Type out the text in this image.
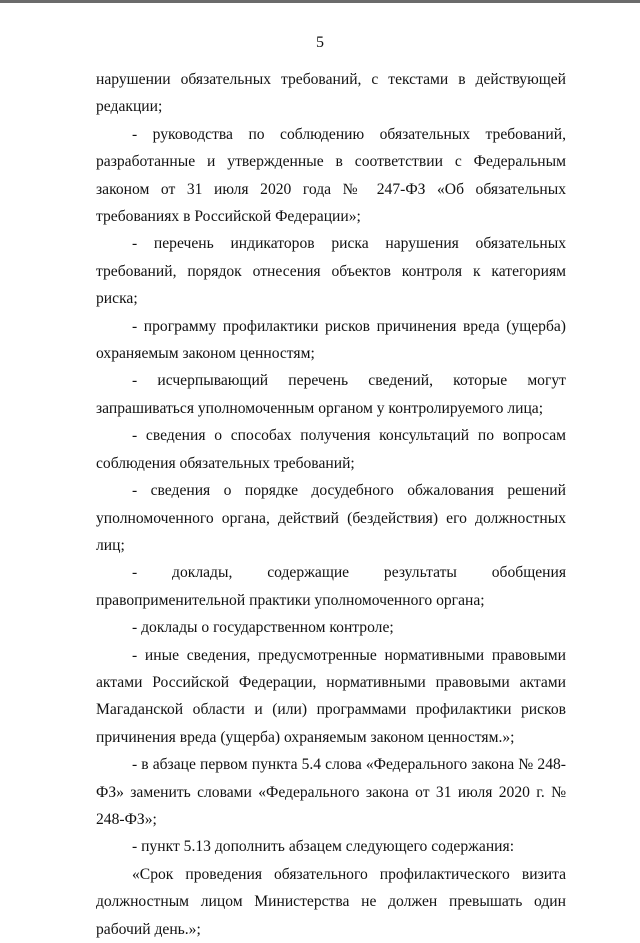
5

нарушении обязательных требований, с текстами в действующей редакции;

- руководства по соблюдению обязательных требований, разработанные и утвержденные в соответствии с Федеральным законом от 31 июля 2020 года № 247-ФЗ «Об обязательных требованиях в Российской Федерации»;

- перечень индикаторов риска нарушения обязательных требований, порядок отнесения объектов контроля к категориям риска;

- программу профилактики рисков причинения вреда (ущерба) охраняемым законом ценностям;

- исчерпывающий перечень сведений, которые могут запрашиваться уполномоченным органом у контролируемого лица;

- сведения о способах получения консультаций по вопросам соблюдения обязательных требований;

- сведения о порядке досудебного обжалования решений уполномоченного органа, действий (бездействия) его должностных лиц;

- доклады, содержащие результаты обобщения правоприменительной практики уполномоченного органа;

- доклады о государственном контроле;

- иные сведения, предусмотренные нормативными правовыми актами Российской Федерации, нормативными правовыми актами Магаданской области и (или) программами профилактики рисков причинения вреда (ущерба) охраняемым законом ценностям.»;

- в абзаце первом пункта 5.4 слова «Федерального закона № 248-ФЗ» заменить словами «Федерального закона от 31 июля 2020 г. № 248-ФЗ»;

- пункт 5.13 дополнить абзацем следующего содержания:

«Срок проведения обязательного профилактического визита должностным лицом Министерства не должен превышать один рабочий день.»;
